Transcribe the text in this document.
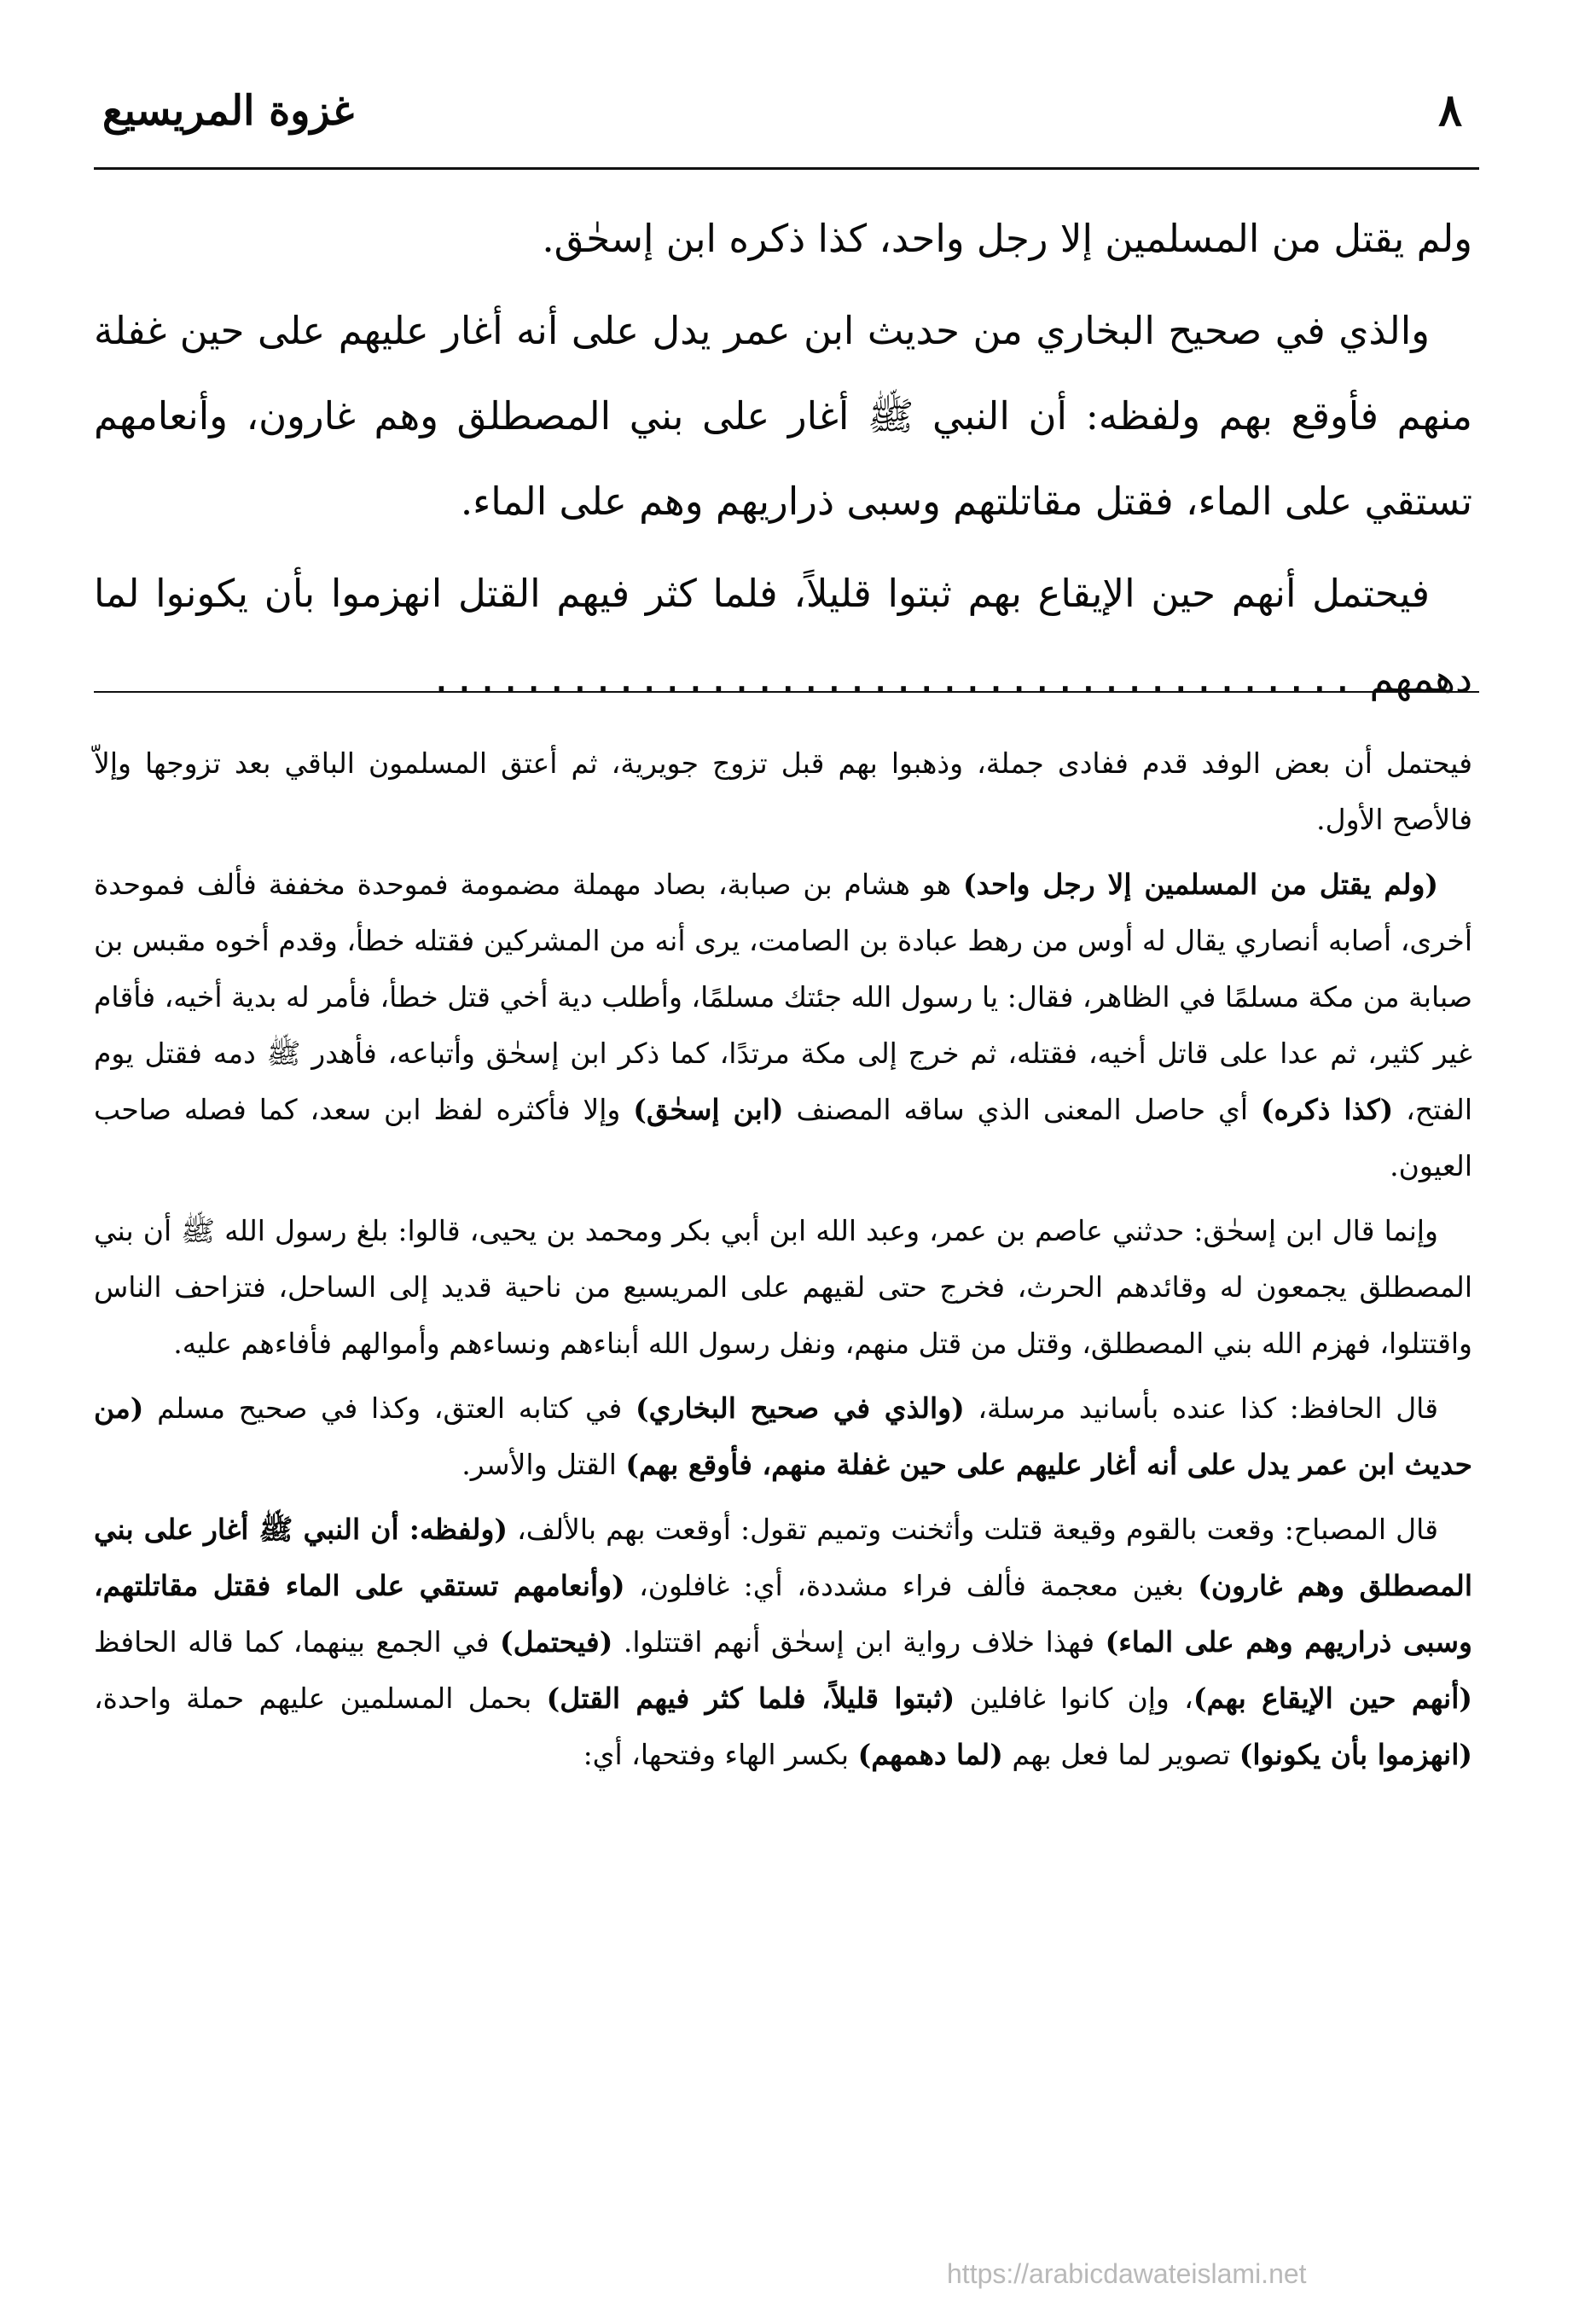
٨
غزوة المريسيع

ولم يقتل من المسلمين إلا رجل واحد، كذا ذكره ابن إسحٰق.

والذي في صحيح البخاري من حديث ابن عمر يدل على أنه أغار عليهم على حين غفلة منهم فأوقع بهم ولفظه: أن النبي ﷺ أغار على بني المصطلق وهم غارون، وأنعامهم تستقي على الماء، فقتل مقاتلتهم وسبى ذراريهم وهم على الماء.

فيحتمل أنهم حين الإيقاع بهم ثبتوا قليلاً، فلما كثر فيهم القتل انهزموا بأن يكونوا لما دهمهم........................................

فيحتمل أن بعض الوفد قدم ففادى جملة، وذهبوا بهم قبل تزوج جويرية، ثم أعتق المسلمون الباقي بعد تزوجها وإلاّ فالأصح الأول.

(ولم يقتل من المسلمين إلا رجل واحد) هو هشام بن صبابة، بصاد مهملة مضمومة فموحدة مخففة فألف فموحدة أخرى، أصابه أنصاري يقال له أوس من رهط عبادة بن الصامت، يرى أنه من المشركين فقتله خطأ، وقدم أخوه مقبس بن صبابة من مكة مسلمًا في الظاهر، فقال: يا رسول الله جئتك مسلمًا، وأطلب دية أخي قتل خطأ، فأمر له بدية أخيه، فأقام غير كثير، ثم عدا على قاتل أخيه، فقتله، ثم خرج إلى مكة مرتدًا، كما ذكر ابن إسحٰق وأتباعه، فأهدر ﷺ دمه فقتل يوم الفتح، (كذا ذكره) أي حاصل المعنى الذي ساقه المصنف (ابن إسحٰق) وإلا فأكثره لفظ ابن سعد، كما فصله صاحب العيون.

وإنما قال ابن إسحٰق: حدثني عاصم بن عمر، وعبد الله ابن أبي بكر ومحمد بن يحيى، قالوا: بلغ رسول الله ﷺ أن بني المصطلق يجمعون له وقائدهم الحرث، فخرج حتى لقيهم على المريسيع من ناحية قديد إلى الساحل، فتزاحف الناس واقتتلوا، فهزم الله بني المصطلق، وقتل من قتل منهم، ونفل رسول الله أبناءهم ونساءهم وأموالهم فأفاءهم عليه.

قال الحافظ: كذا عنده بأسانيد مرسلة، (والذي في صحيح البخاري) في كتابه العتق، وكذا في صحيح مسلم (من حديث ابن عمر يدل على أنه أغار عليهم على حين غفلة منهم، فأوقع بهم) القتل والأسر.

قال المصباح: وقعت بالقوم وقيعة قتلت وأثخنت وتميم تقول: أوقعت بهم بالألف، (ولفظه: أن النبي ﷺ أغار على بني المصطلق وهم غارون) بغين معجمة فألف فراء مشددة، أي: غافلون، (وأنعامهم تستقي على الماء فقتل مقاتلتهم، وسبى ذراريهم وهم على الماء) فهذا خلاف رواية ابن إسحٰق أنهم اقتتلوا. (فيحتمل) في الجمع بينهما، كما قاله الحافظ (أنهم حين الإيقاع بهم)، وإن كانوا غافلين (ثبتوا قليلاً، فلما كثر فيهم القتل) بحمل المسلمين عليهم حملة واحدة، (انهزموا بأن يكونوا) تصوير لما فعل بهم (لما دهمهم) بكسر الهاء وفتحها، أي:

https://arabicdawateislami.net
